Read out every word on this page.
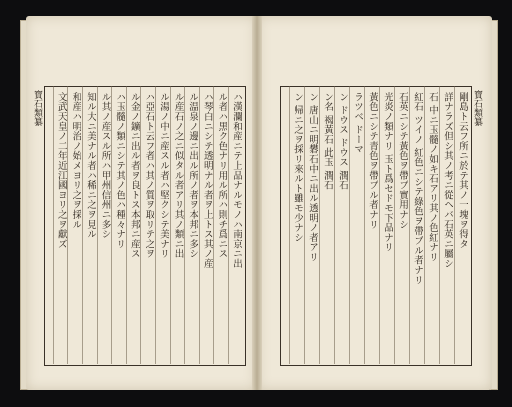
寶石類纂
剛島ト云フ所ニ於テ其ノ一塊ヲ得タ
詳ナラズ但シ其ノ考ニ從ヘバ石英ニ屬シ
石 中ニ玉髓ノ如キ石アリ其ノ色紅ナリ
紅石 ツイノ 紅色ニシテ綠色ヲ帶ブル者ナリ
石英ニシテ黃色ヲ帶ブ實用ナシ
光炎ノ類ナリ 玉ト爲セドモ下品ナリ
黃色ニシテ青色ヲ帶ブル者ナリ
ラツベ ドーマ
ン ドウス ドウス 潤石
ン名 褐黃石 此玉 潤石
ン 唐山ニ明礬石中ニ出ル透明ノ者アリ
ン 帰ニ之ヲ採リ來ルト雖モ少ナシ
寶石類纂	ハ漢瀾和産ニテ上品ナルモノハ南京ニ出
ル者ハ黒ク色ナリ用ル所ハ則チ爲ニス
ハ琴白ニシテ透明ナル者ヲ上トス其ノ産
ル温泉ノ邊ニ出ル所ノ者ヲ本邦ニ多シ
ル産石ノ之ニ似タル者アリ其ノ類ニ出
ル湯ノ中ニ産スル者ハ堅クシテ美ナリ
ハ亞石ト云フ者ハ其ノ質ヲ取リテ之ヲ
ル金ノ鑛ニ出ル者ヲ良トス本邦ニ産ス
ハ玉髓ノ類ニシテ其ノ色ハ種々ナリ
ル其ノ産スル所ハ甲州信州ニ多シ
知ル大ニ美ナル者ハ稀ニ之ヲ見ル
和産ハ明治ノ始メヨリ之ヲ採ル
文武天皇ノ二年近江國ヨリ之ヲ獻ズ
